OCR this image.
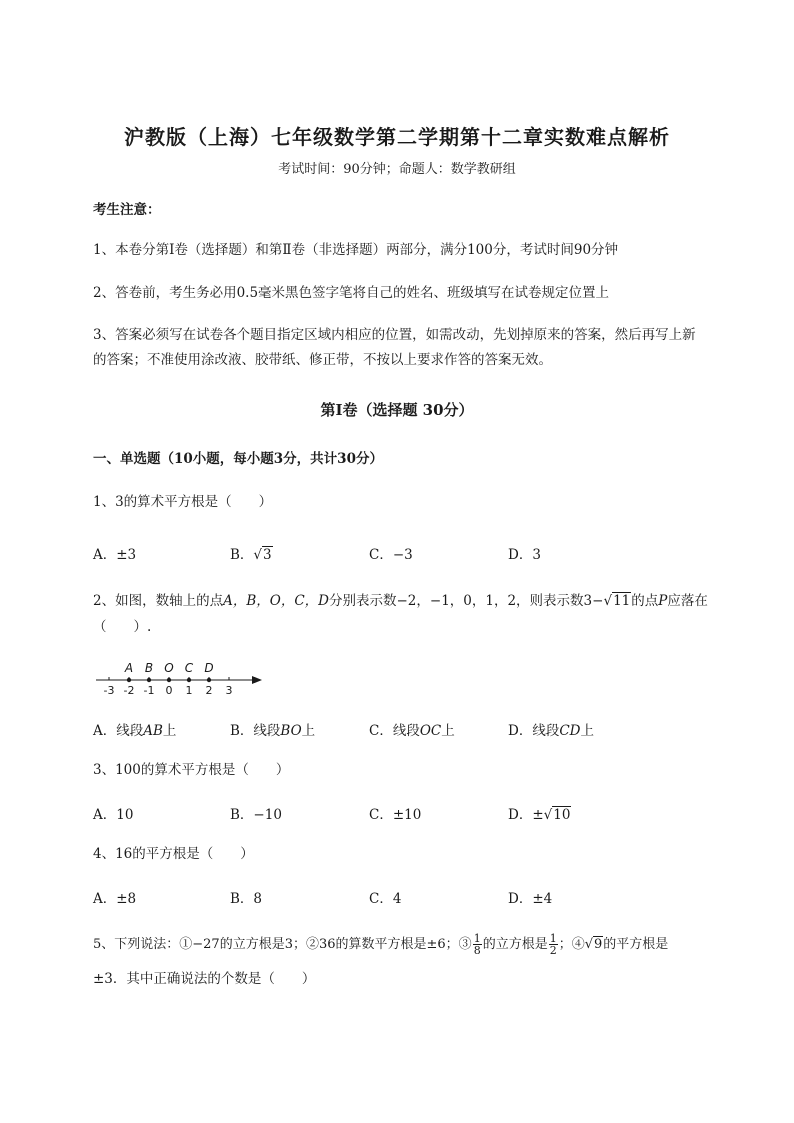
沪教版（上海）七年级数学第二学期第十二章实数难点解析
考试时间：90分钟；命题人：数学教研组
考生注意：
1、本卷分第I卷（选择题）和第Ⅱ卷（非选择题）两部分，满分100分，考试时间90分钟
2、答卷前，考生务必用0.5毫米黑色签字笔将自己的姓名、班级填写在试卷规定位置上
3、答案必须写在试卷各个题目指定区域内相应的位置，如需改动，先划掉原来的答案，然后再写上新
的答案；不准使用涂改液、胶带纸、修正带，不按以上要求作答的答案无效。
第I卷（选择题 30分）
一、单选题（10小题，每小题3分，共计30分）
1、3的算术平方根是（　　）
A．±3	B．√3	C．−3	D．3
2、如图，数轴上的点A，B，O，C，D分别表示数−2，−1，0，1，2，则表示数3−√11的点P应落在
（　　）.
-3 -2 -1 0 1 2 3
A B O C D
A．线段AB上	B．线段BO上	C．线段OC上	D．线段CD上
3、100的算术平方根是（　　）
A．10	B．−10	C．±10	D．±√10
4、16的平方根是（　　）
A．±8	B．8	C．4	D．±4
5、下列说法：①−27的立方根是3；②36的算数平方根是±6；③ $\frac{1}{8}$ 的立方根是 $\frac{1}{2}$ ；④√9的平方根是
±3．其中正确说法的个数是（　　）
